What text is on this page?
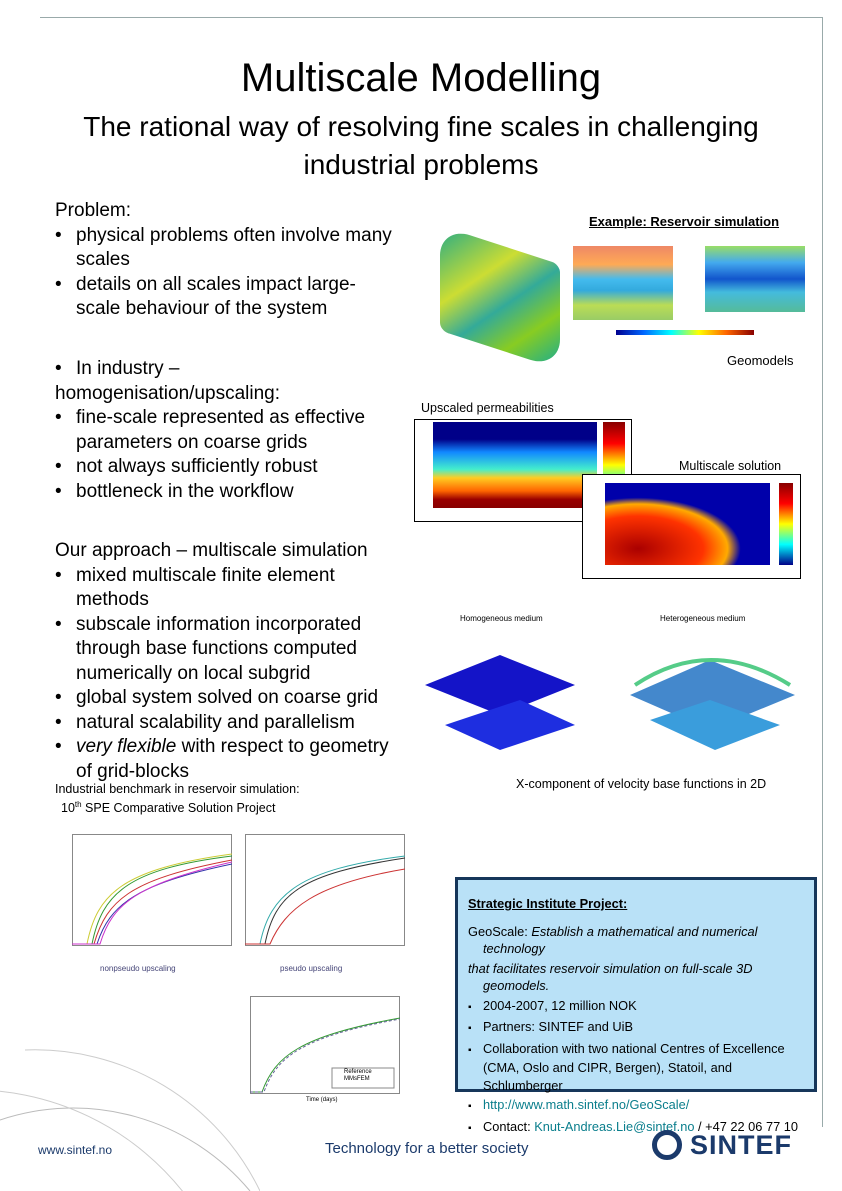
Multiscale Modelling
The rational way of resolving fine scales in challenging industrial problems

Problem:

• physical problems often involve many scales

• details on all scales impact large-scale behaviour of the system

• In industry – homogenisation/upscaling:

• fine-scale represented as effective parameters on coarse grids

• not always sufficiently robust

• bottleneck in the workflow

Our approach – multiscale simulation

• mixed multiscale finite element methods

• subscale information incorporated through base functions computed numerically on local subgrid

• global system solved on coarse grid

• natural scalability and parallelism

• very flexible with respect to geometry of grid-blocks

Example: Reservoir simulation
Geomodels
Upscaled permeabilities
Multiscale solution
Homogeneous medium	Heterogeneous medium
X-component of velocity base functions in 2D
Industrial benchmark in reservoir simulation:
10th SPE Comparative Solution Project
nonpseudo upscaling	pseudo upscaling
Reference
MMsFEM
Time (days)

Strategic Institute Project:

GeoScale: Establish a mathematical and numerical technology

that facilitates reservoir simulation on full-scale 3D geomodels.

▪ 2004-2007, 12 million NOK

▪ Partners: SINTEF and UiB

▪ Collaboration with two national Centres of Excellence (CMA, Oslo and CIPR, Bergen), Statoil, and Schlumberger

▪ http://www.math.sintef.no/GeoScale/

▪ Contact: Knut-Andreas.Lie@sintef.no / +47 22 06 77 10

www.sintef.no	Technology for a better society	SINTEF
